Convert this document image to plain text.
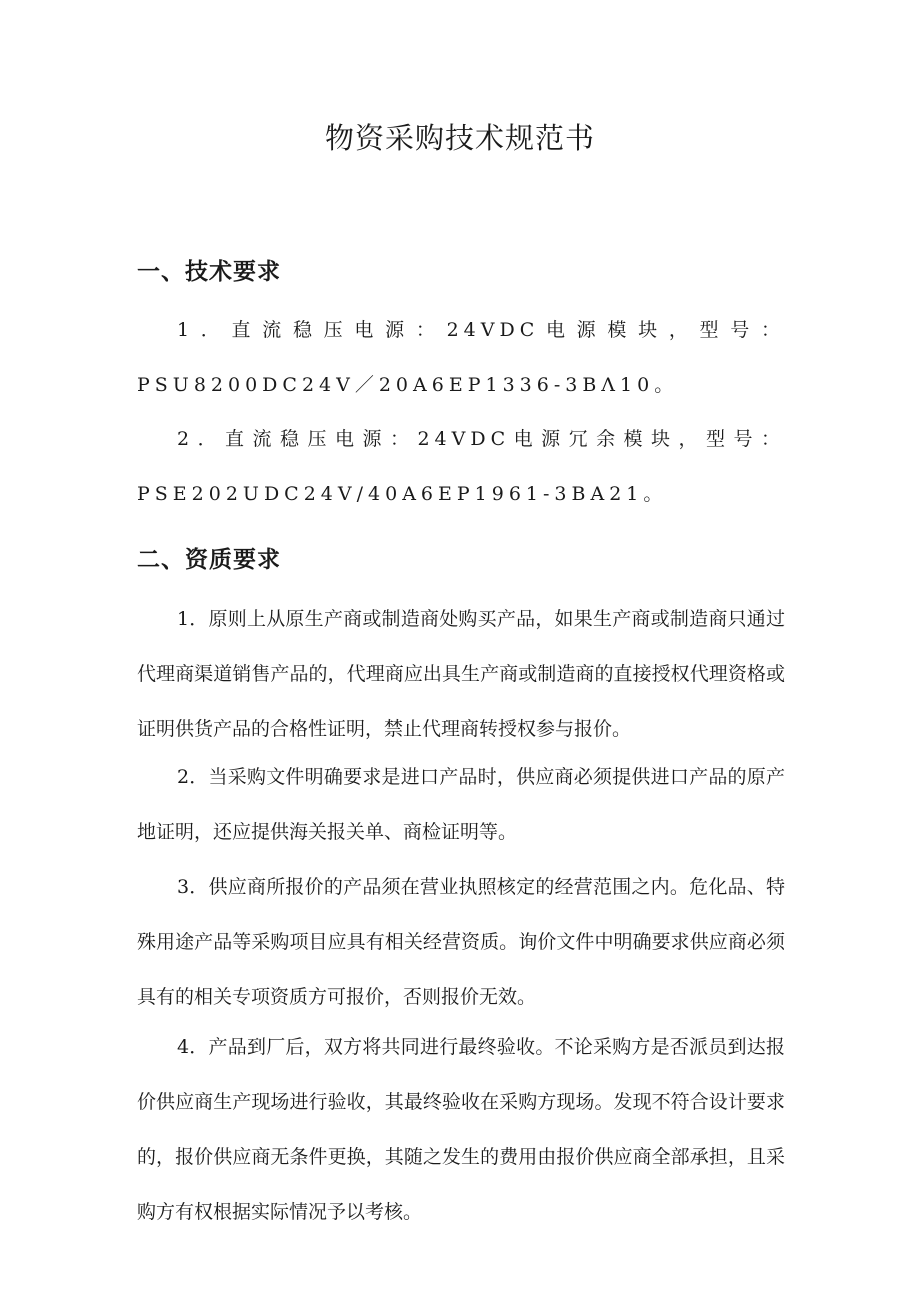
物资采购技术规范书
一、技术要求
1．直流稳压电源：24VDC电源模块，型号：PSU8200DC24V／20Α6EP1336-3BΛ10。
2．直流稳压电源：24VDC电源冗余模块，型号：PSE202UDC24V/40A6EP1961-3BA21。
二、资质要求
1．原则上从原生产商或制造商处购买产品，如果生产商或制造商只通过代理商渠道销售产品的，代理商应出具生产商或制造商的直接授权代理资格或证明供货产品的合格性证明，禁止代理商转授权参与报价。
2．当采购文件明确要求是进口产品时，供应商必须提供进口产品的原产地证明，还应提供海关报关单、商检证明等。
3．供应商所报价的产品须在营业执照核定的经营范围之内。危化品、特殊用途产品等采购项目应具有相关经营资质。询价文件中明确要求供应商必须具有的相关专项资质方可报价，否则报价无效。
4．产品到厂后，双方将共同进行最终验收。不论采购方是否派员到达报价供应商生产现场进行验收，其最终验收在采购方现场。发现不符合设计要求的，报价供应商无条件更换，其随之发生的费用由报价供应商全部承担，且采购方有权根据实际情况予以考核。
